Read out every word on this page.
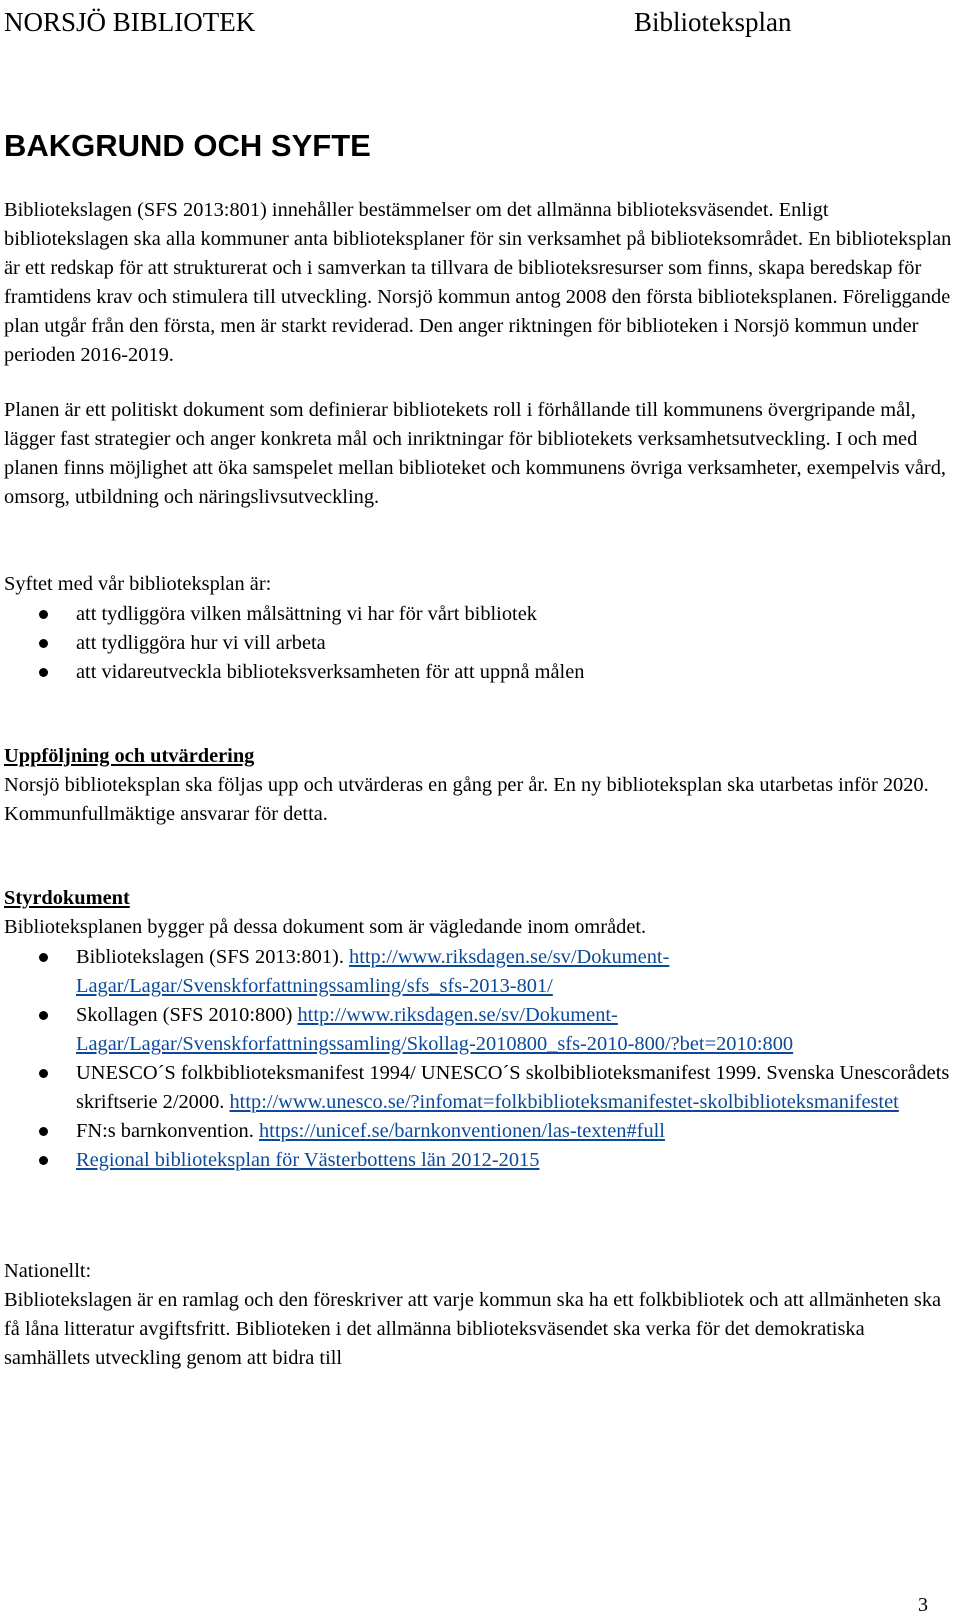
NORSJÖ BIBLIOTEK	Biblioteksplan
BAKGRUND OCH SYFTE

Bibliotekslagen (SFS 2013:801) innehåller bestämmelser om det allmänna biblioteksväsendet. Enligt bibliotekslagen ska alla kommuner anta biblioteksplaner för sin verksamhet på biblioteksområdet. En biblioteksplan är ett redskap för att strukturerat och i samverkan ta tillvara de biblioteksresurser som finns, skapa beredskap för framtidens krav och stimulera till utveckling. Norsjö kommun antog 2008 den första biblioteksplanen. Föreliggande plan utgår från den första, men är starkt reviderad. Den anger riktningen för biblioteken i Norsjö kommun under perioden 2016-2019.

Planen är ett politiskt dokument som definierar bibliotekets roll i förhållande till kommunens övergripande mål, lägger fast strategier och anger konkreta mål och inriktningar för bibliotekets verksamhetsutveckling. I och med planen finns möjlighet att öka samspelet mellan biblioteket och kommunens övriga verksamheter, exempelvis vård, omsorg, utbildning och näringslivsutveckling.

Syftet med vår biblioteksplan är:

att tydliggöra vilken målsättning vi har för vårt bibliotek
att tydliggöra hur vi vill arbeta
att vidareutveckla biblioteksverksamheten för att uppnå målen

Uppföljning och utvärdering

Norsjö biblioteksplan ska följas upp och utvärderas en gång per år. En ny biblioteksplan ska utarbetas inför 2020. Kommunfullmäktige ansvarar för detta.

Styrdokument

Biblioteksplanen bygger på dessa dokument som är vägledande inom området.

Bibliotekslagen (SFS 2013:801). http://www.riksdagen.se/sv/Dokument-Lagar/Lagar/Svenskforfattningssamling/sfs_sfs-2013-801/
Skollagen (SFS 2010:800) http://www.riksdagen.se/sv/Dokument-Lagar/Lagar/Svenskforfattningssamling/Skollag-2010800_sfs-2010-800/?bet=2010:800
UNESCO´S folkbiblioteksmanifest 1994/ UNESCO´S skolbiblioteksmanifest 1999. Svenska Unescorådets skriftserie 2/2000. http://www.unesco.se/?infomat=folkbiblioteksmanifestet-skolbiblioteksmanifestet
FN:s barnkonvention. https://unicef.se/barnkonventionen/las-texten#full
Regional biblioteksplan för Västerbottens län 2012-2015

Nationellt:

Bibliotekslagen är en ramlag och den föreskriver att varje kommun ska ha ett folkbibliotek och att allmänheten ska få låna litteratur avgiftsfritt. Biblioteken i det allmänna biblioteksväsendet ska verka för det demokratiska samhällets utveckling genom att bidra till

3
